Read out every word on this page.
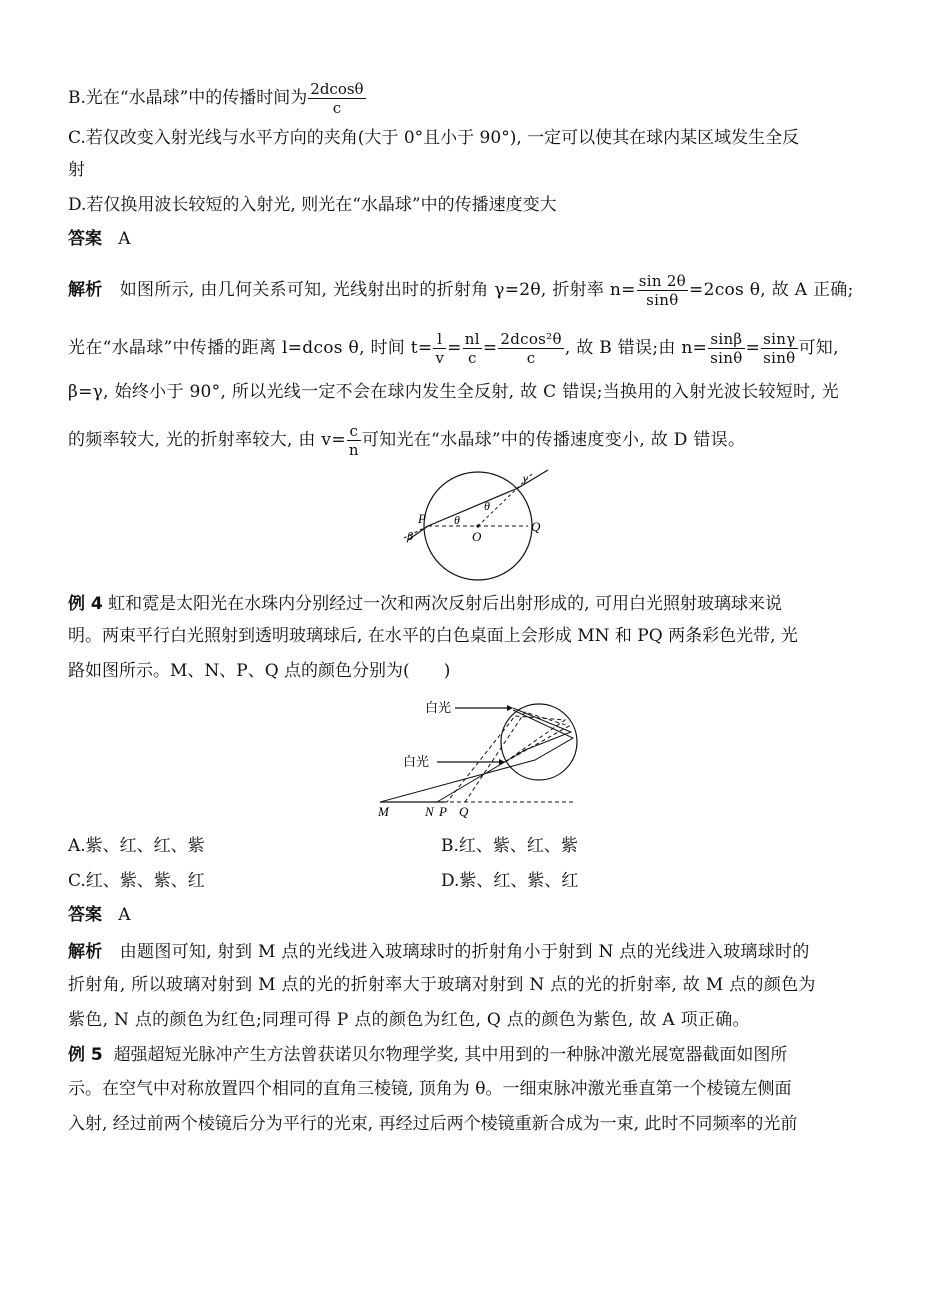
B.光在“水晶球”中的传播时间为 $\frac{2dcos\theta}{c}$
C.若仅改变入射光线与水平方向的夹角(大于 0°且小于 90°), 一定可以使其在球内某区域发生全反
射
D.若仅换用波长较短的入射光, 则光在“水晶球”中的传播速度变大
答案 A
解析 如图所示, 由几何关系可知, 光线射出时的折射角 γ=2θ, 折射率 $n= \frac{\sin 2\theta}{\sin\theta} =2\cos$ θ, 故 A 正确;
光在“水晶球”中传播的距离 l=dcos θ, 时间 $t= \frac{l}{v} = \frac{nl}{c} = \frac{\text{2dcos²θ}}{c}$ , 故 B 错误;由 $n= \frac{\sin\beta}{\sin\theta} = \frac{\sin\gamma}{\sin\theta}$ 可知,
β=γ, 始终小于 90°, 所以光线一定不会在球内发生全反射, 故 C 错误;当换用的入射光波长较短时, 光
的频率较大, 光的折射率较大, 由 $v= \frac{c}{n}$ 可知光在“水晶球”中的传播速度变小, 故 D 错误。
P
O
Q
θ
θ
γ
β
例 4 虹和霓是太阳光在水珠内分别经过一次和两次反射后出射形成的, 可用白光照射玻璃球来说
明。两束平行白光照射到透明玻璃球后, 在水平的白色桌面上会形成 MN 和 PQ 两条彩色光带, 光
路如图所示。M、N、P、Q 点的颜色分别为(　　)
白光
白光
M	N P Q
A.紫、红、红、紫	B.红、紫、红、紫
C.红、紫、紫、红	D.紫、红、紫、红
答案 A
解析 由题图可知, 射到 M 点的光线进入玻璃球时的折射角小于射到 N 点的光线进入玻璃球时的
折射角, 所以玻璃对射到 M 点的光的折射率大于玻璃对射到 N 点的光的折射率, 故 M 点的颜色为
紫色, N 点的颜色为红色;同理可得 P 点的颜色为红色, Q 点的颜色为紫色, 故 A 项正确。
例 5 超强超短光脉冲产生方法曾获诺贝尔物理学奖, 其中用到的一种脉冲激光展宽器截面如图所
示。在空气中对称放置四个相同的直角三棱镜, 顶角为 θ。一细束脉冲激光垂直第一个棱镜左侧面
入射, 经过前两个棱镜后分为平行的光束, 再经过后两个棱镜重新合成为一束, 此时不同频率的光前
